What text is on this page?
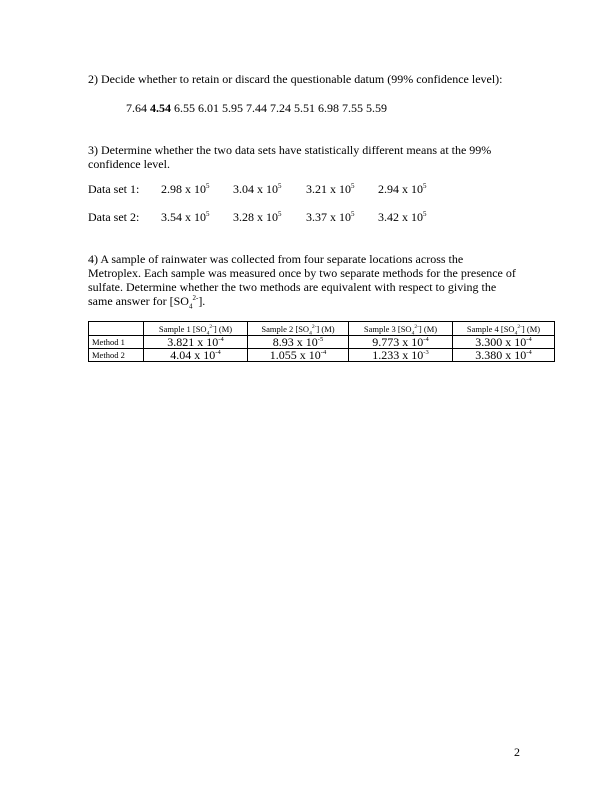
2) Decide whether to retain or discard the questionable datum (99% confidence level):
7.64 4.54 6.55 6.01 5.95 7.44 7.24 5.51 6.98 7.55 5.59
3) Determine whether the two data sets have statistically different means at the 99%
confidence level.
Data set 1: 2.98 x $10^5$ 3.04 x $10^5$ 3.21 x $10^5$ 2.94 x $10^5$
Data set 2: 3.54 x $10^5$ 3.28 x $10^5$ 3.37 x $10^5$ 3.42 x $10^5$
4) A sample of rainwater was collected from four separate locations across the
Metroplex. Each sample was measured once by two separate methods for the presence of
sulfate. Determine whether the two methods are equivalent with respect to giving the
same answer for $[SO_4^{2-}]$.
	Sample 1 $[SO_4^{2-}]$ (M)	Sample 2 $[SO_4^{2-}]$ (M)	Sample 3 $[SO_4^{2-}]$ (M)	Sample 4 $[SO_4^{2-}]$ (M)
Method 1	3.821 x $10^{-4}$	8.93 x $10^{-5}$	9.773 x $10^{-4}$	3.300 x $10^{-4}$
Method 2	4.04 x $10^{-4}$	1.055 x $10^{-4}$	1.233 x $10^{-3}$	3.380 x $10^{-4}$
2
